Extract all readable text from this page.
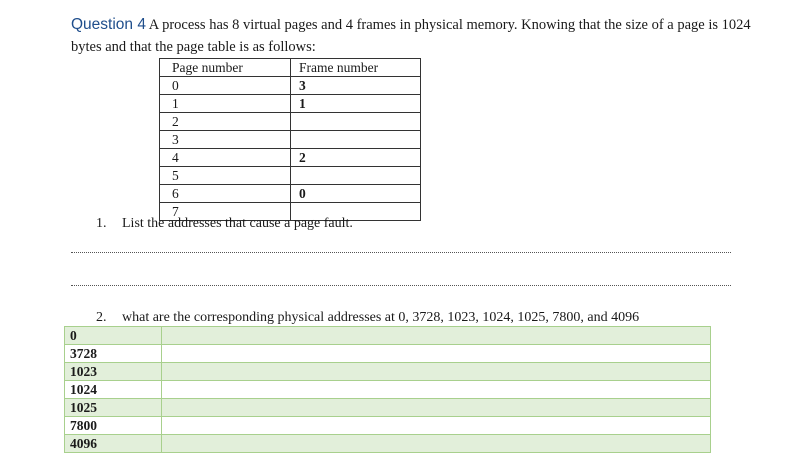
Question 4 A process has 8 virtual pages and 4 frames in physical memory. Knowing that the size of a page is 1024 bytes and that the page table is as follows:

Page number	Frame number
0	3
1	1
2	
3	
4	2
5	
6	0
7	
1. List the addresses that cause a page fault.
2. what are the corresponding physical addresses at 0, 3728, 1023, 1024, 1025, 7800, and 4096
0	
3728	
1023	
1024	
1025	
7800	
4096	
